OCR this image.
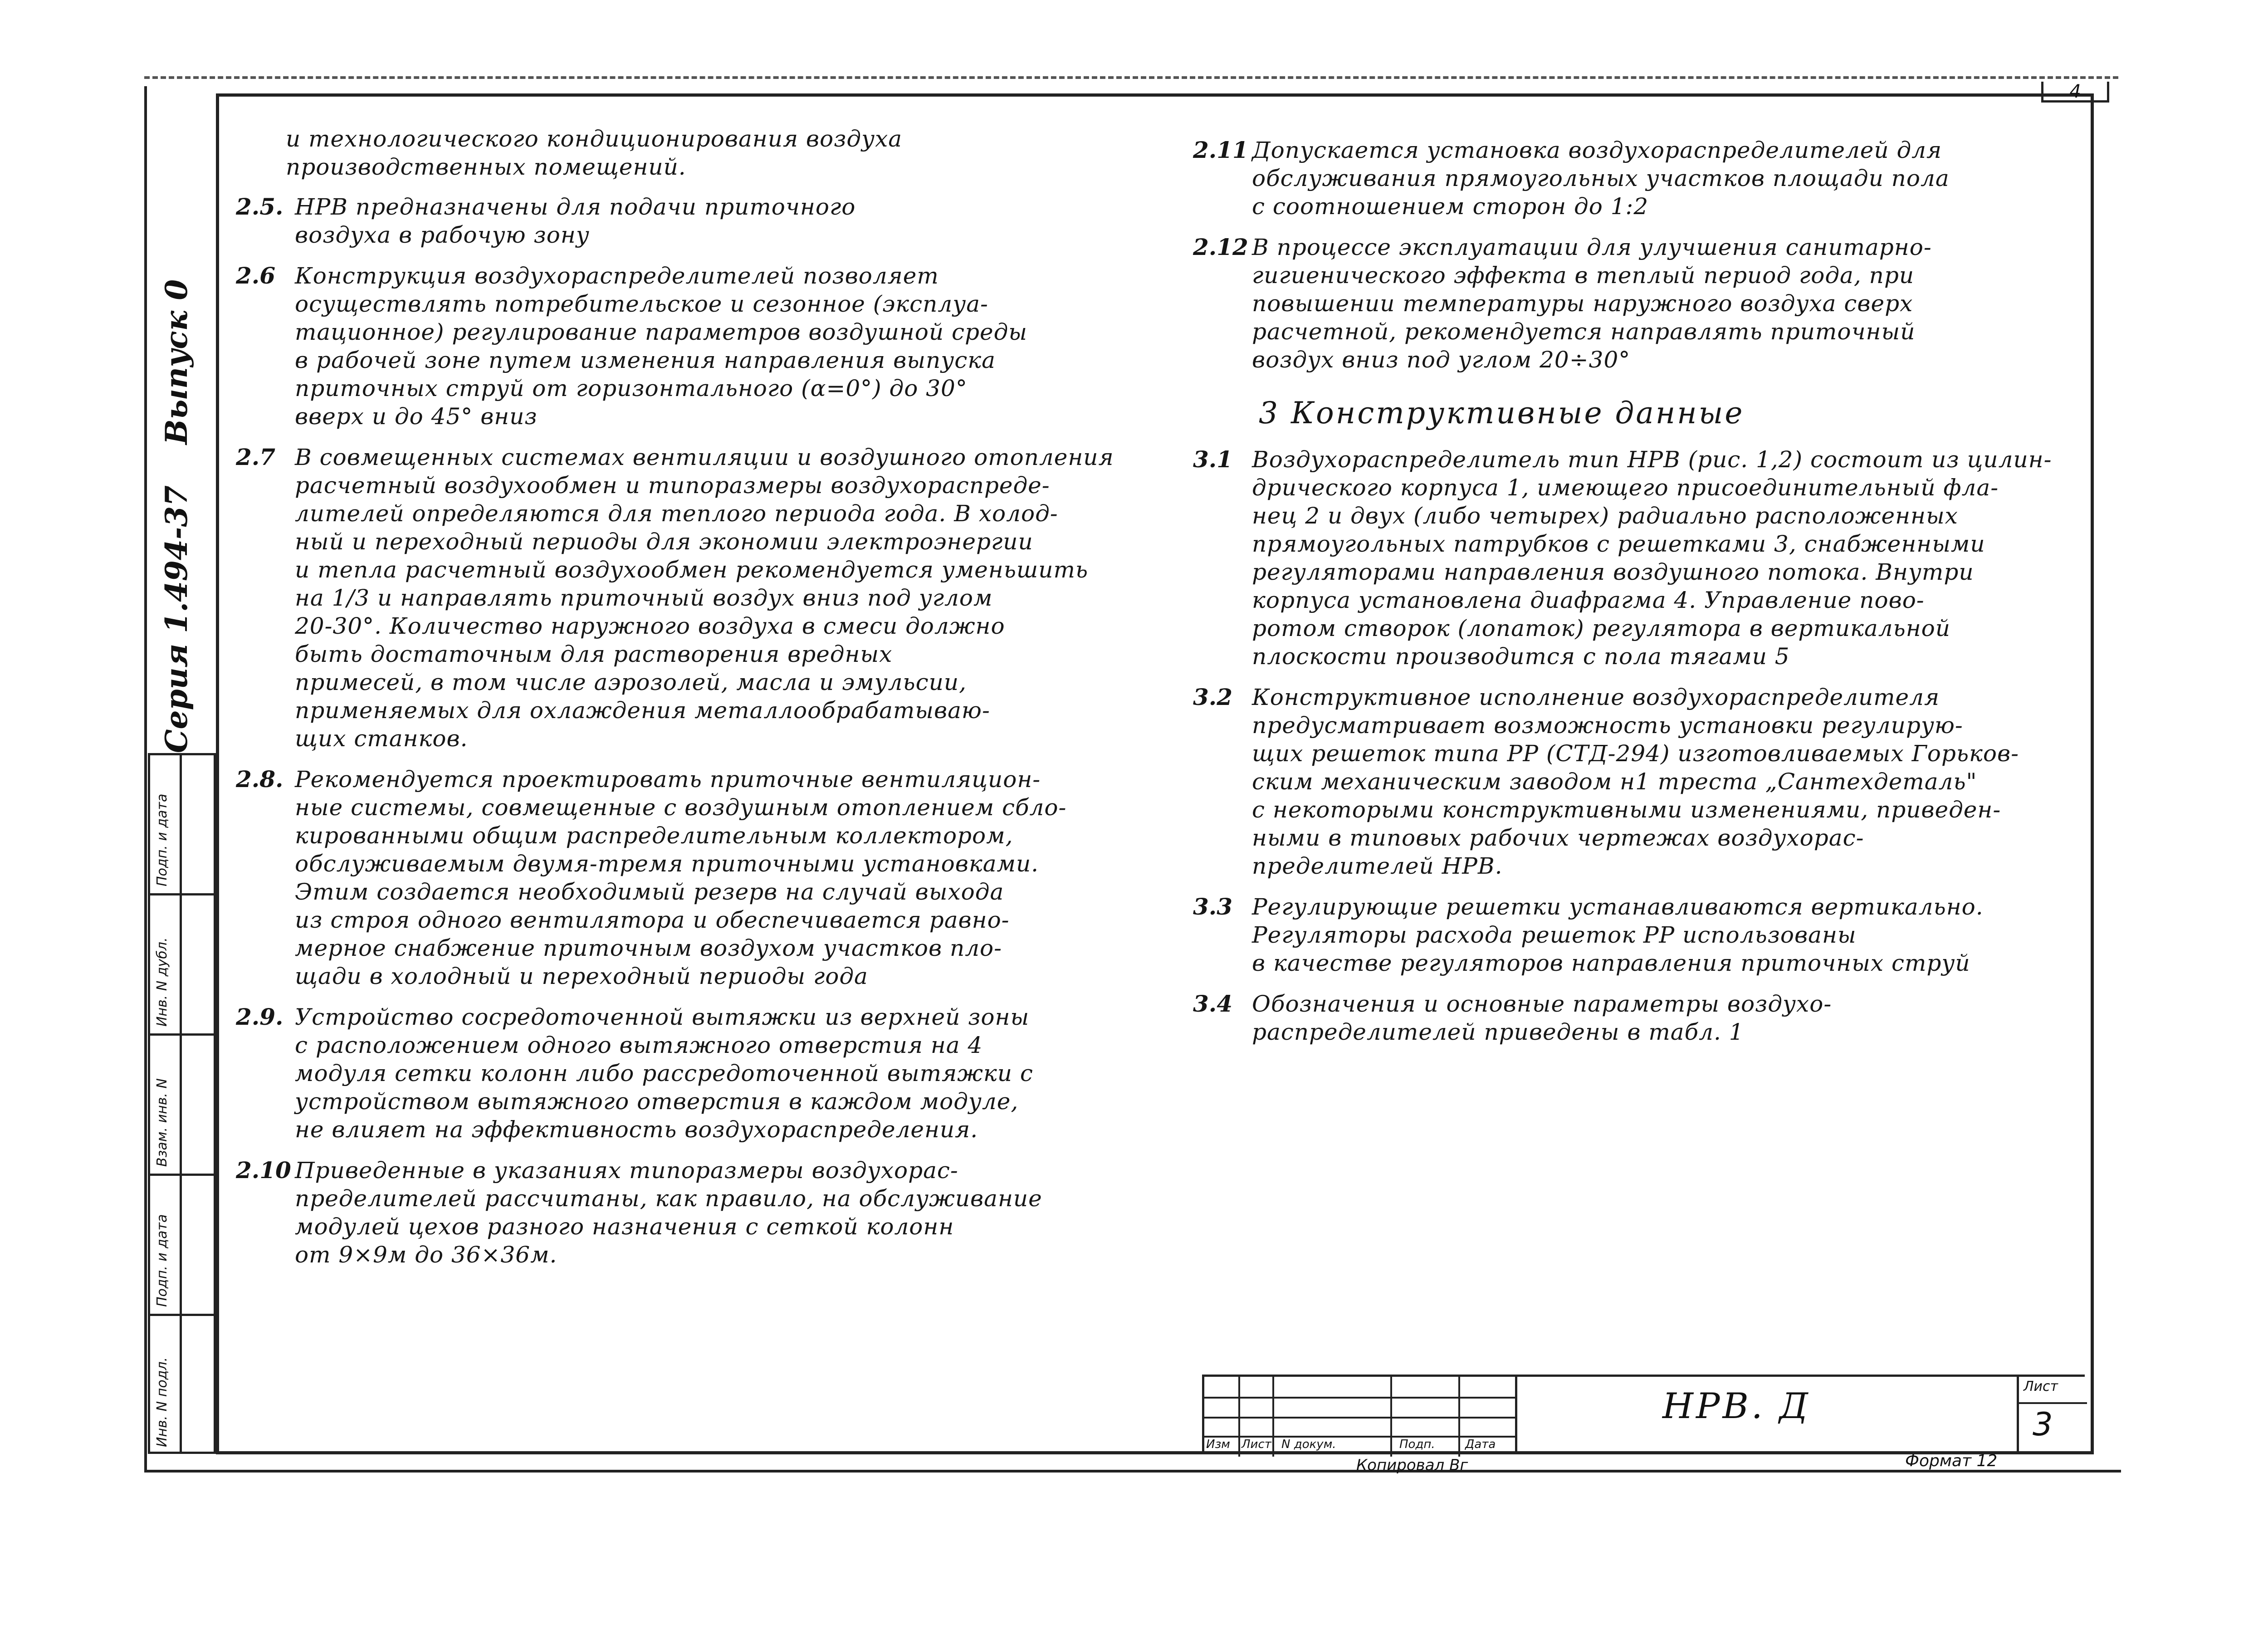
4
Выпуск 0
Серия 1.494-37
Инв. N подл.
Подп. и дата
Взам. инв. N
Инв. N дубл.
Подп. и дата
и технологического кондиционирования воздуха
производственных помещений.
2.5. НРВ предназначены для подачи приточного
воздуха в рабочую зону
2.6 Конструкция воздухораспределителей позволяет
осуществлять потребительское и сезонное (эксплуа-
тационное) регулирование параметров воздушной среды
в рабочей зоне путем изменения направления выпуска
приточных струй от горизонтального (α=0°) до 30°
вверх и до 45° вниз
2.7 В совмещенных системах вентиляции и воздушного отопления
расчетный воздухообмен и типоразмеры воздухораспреде-
лителей определяются для теплого периода года. В холод-
ный и переходный периоды для экономии электроэнергии
и тепла расчетный воздухообмен рекомендуется уменьшить
на 1/3 и направлять приточный воздух вниз под углом
20-30°. Количество наружного воздуха в смеси должно
быть достаточным для растворения вредных
примесей, в том числе аэрозолей, масла и эмульсии,
применяемых для охлаждения металлообрабатываю-
щих станков.
2.8. Рекомендуется проектировать приточные вентиляцион-
ные системы, совмещенные с воздушным отоплением сбло-
кированными общим распределительным коллектором,
обслуживаемым двумя-тремя приточными установками.
Этим создается необходимый резерв на случай выхода
из строя одного вентилятора и обеспечивается равно-
мерное снабжение приточным воздухом участков пло-
щади в холодный и переходный периоды года
2.9. Устройство сосредоточенной вытяжки из верхней зоны
с расположением одного вытяжного отверстия на 4
модуля сетки колонн либо рассредоточенной вытяжки с
устройством вытяжного отверстия в каждом модуле,
не влияет на эффективность воздухораспределения.
2.10 Приведенные в указаниях типоразмеры воздухорас-
пределителей рассчитаны, как правило, на обслуживание
модулей цехов разного назначения с сеткой колонн
от 9×9м до 36×36м.
2.11 Допускается установка воздухораспределителей для
обслуживания прямоугольных участков площади пола
с соотношением сторон до 1:2
2.12 В процессе эксплуатации для улучшения санитарно-
гигиенического эффекта в теплый период года, при
повышении температуры наружного воздуха сверх
расчетной, рекомендуется направлять приточный
воздух вниз под углом 20÷30°
3 Конструктивные данные
3.1 Воздухораспределитель тип НРВ (рис. 1,2) состоит из цилин-
дрического корпуса 1, имеющего присоединительный фла-
нец 2 и двух (либо четырех) радиально расположенных
прямоугольных патрубков с решетками 3, снабженными
регуляторами направления воздушного потока. Внутри
корпуса установлена диафрагма 4. Управление пово-
ротом створок (лопаток) регулятора в вертикальной
плоскости производится с пола тягами 5
3.2 Конструктивное исполнение воздухораспределителя
предусматривает возможность установки регулирую-
щих решеток типа РР (СТД-294) изготовливаемых Горьков-
ским механическим заводом н1 треста „Сантехдеталь"
с некоторыми конструктивными изменениями, приведен-
ными в типовых рабочих чертежах воздухорас-
пределителей НРВ.
3.3 Регулирующие решетки устанавливаются вертикально.
Регуляторы расхода решеток РР использованы
в качестве регуляторов направления приточных струй
3.4 Обозначения и основные параметры воздухо-
распределителей приведены в табл. 1
Изм Лист N докум.	Подп.	Дата
НРВ. Д	Лист
3
Копировал Вг	Формат 12
